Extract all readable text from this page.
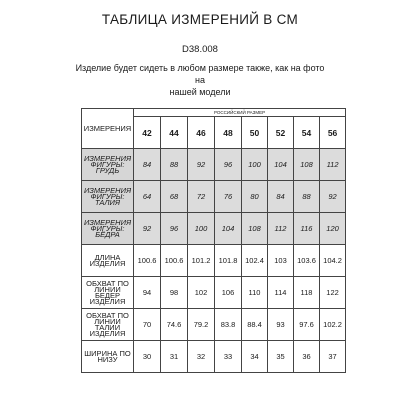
ТАБЛИЦА ИЗМЕРЕНИЙ В СМ
D38.008
Изделие будет сидеть в любом размере также, как на фото на
нашей модели
ИЗМЕРЕНИЯ	РОССИЙСКИЙ РАЗМЕР							
	42	44	46	48	50	52	54	56
ИЗМЕРЕНИЯ ФИГУРЫ: ГРУДЬ	84	88	92	96	100	104	108	112
ИЗМЕРЕНИЯ ФИГУРЫ: ТАЛИЯ	64	68	72	76	80	84	88	92
ИЗМЕРЕНИЯ ФИГУРЫ: БЁДРА	92	96	100	104	108	112	116	120
ДЛИНА ИЗДЕЛИЯ	100.6	100.6	101.2	101.8	102.4	103	103.6	104.2
ОБХВАТ ПО ЛИНИИ БЕДЕР ИЗДЕЛИЯ	94	98	102	106	110	114	118	122
ОБХВАТ ПО ЛИНИИ ТАЛИИ ИЗДЕЛИЯ	70	74.6	79.2	83.8	88.4	93	97.6	102.2
ШИРИНА ПО НИЗУ	30	31	32	33	34	35	36	37
